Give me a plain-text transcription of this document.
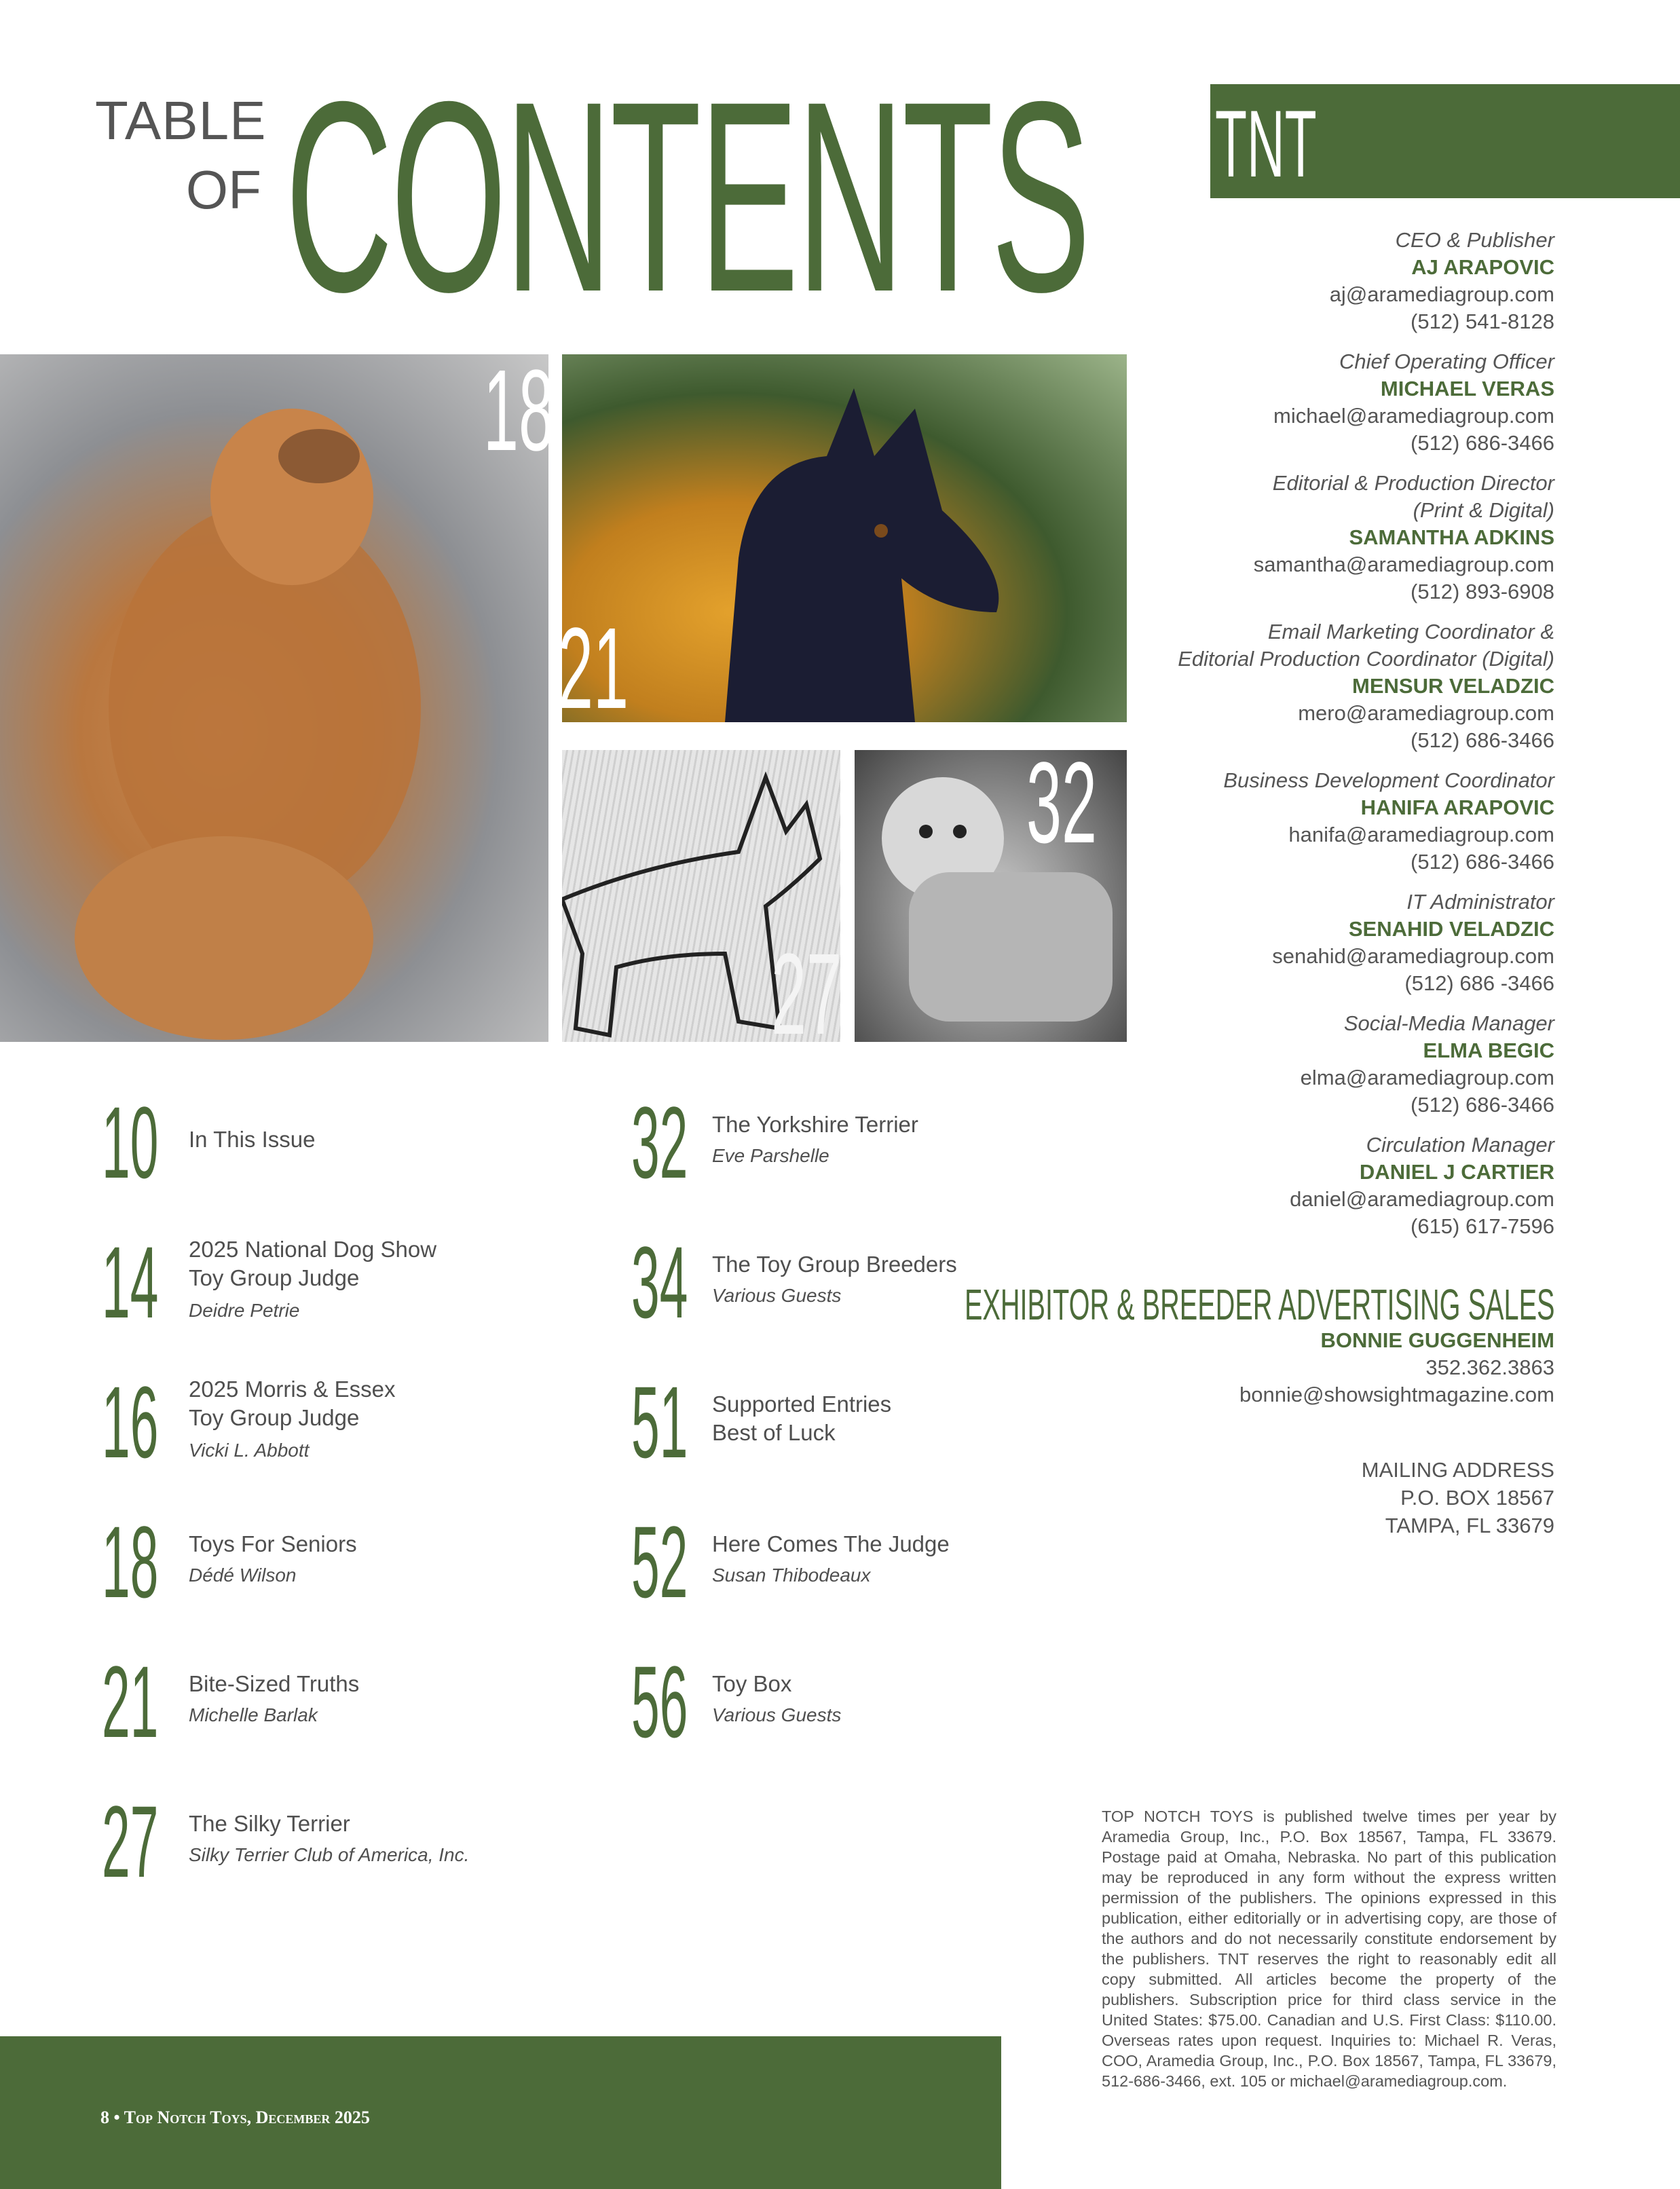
TABLE
OF CONTENTS TNT
18
21
27
32
10 In This Issue
14 2025 National Dog Show
Toy Group Judge
Deidre Petrie
16 2025 Morris & Essex
Toy Group Judge
Vicki L. Abbott
18 Toys For Seniors
Dédé Wilson
21 Bite-Sized Truths
Michelle Barlak
27 The Silky Terrier
Silky Terrier Club of America, Inc.
32 The Yorkshire Terrier
Eve Parshelle
34 The Toy Group Breeders
Various Guests
51 Supported Entries
Best of Luck
52 Here Comes The Judge
Susan Thibodeaux
56 Toy Box
Various Guests
CEO & Publisher
AJ ARAPOVIC
aj@aramediagroup.com
(512) 541-8128
Chief Operating Officer
MICHAEL VERAS
michael@aramediagroup.com
(512) 686-3466
Editorial & Production Director
(Print & Digital)
SAMANTHA ADKINS
samantha@aramediagroup.com
(512) 893-6908
Email Marketing Coordinator &
Editorial Production Coordinator (Digital)
MENSUR VELADZIC
mero@aramediagroup.com
(512) 686-3466
Business Development Coordinator
HANIFA ARAPOVIC
hanifa@aramediagroup.com
(512) 686-3466
IT Administrator
SENAHID VELADZIC
senahid@aramediagroup.com
(512) 686 -3466
Social-Media Manager
ELMA BEGIC
elma@aramediagroup.com
(512) 686-3466
Circulation Manager
DANIEL J CARTIER
daniel@aramediagroup.com
(615) 617-7596
EXHIBITOR & BREEDER ADVERTISING SALES
BONNIE GUGGENHEIM
352.362.3863
bonnie@showsightmagazine.com
MAILING ADDRESS
P.O. BOX 18567
TAMPA, FL 33679
TOP NOTCH TOYS is published twelve times per year by Aramedia Group, Inc., P.O. Box 18567, Tampa, FL 33679. Postage paid at Omaha, Nebraska. No part of this publication may be reproduced in any form without the express written permission of the publishers. The opinions expressed in this publication, either editorially or in advertising copy, are those of the authors and do not necessarily constitute endorsement by the publishers. TNT reserves the right to reasonably edit all copy submitted. All articles become the property of the publishers. Subscription price for third class service in the United States: $75.00. Canadian and U.S. First Class: $110.00. Overseas rates upon request. Inquiries to: Michael R. Veras, COO, Aramedia Group, Inc., P.O. Box 18567, Tampa, FL 33679, 512-686-3466, ext. 105 or michael@aramediagroup.com.
8 • Top Notch Toys, December 2025
